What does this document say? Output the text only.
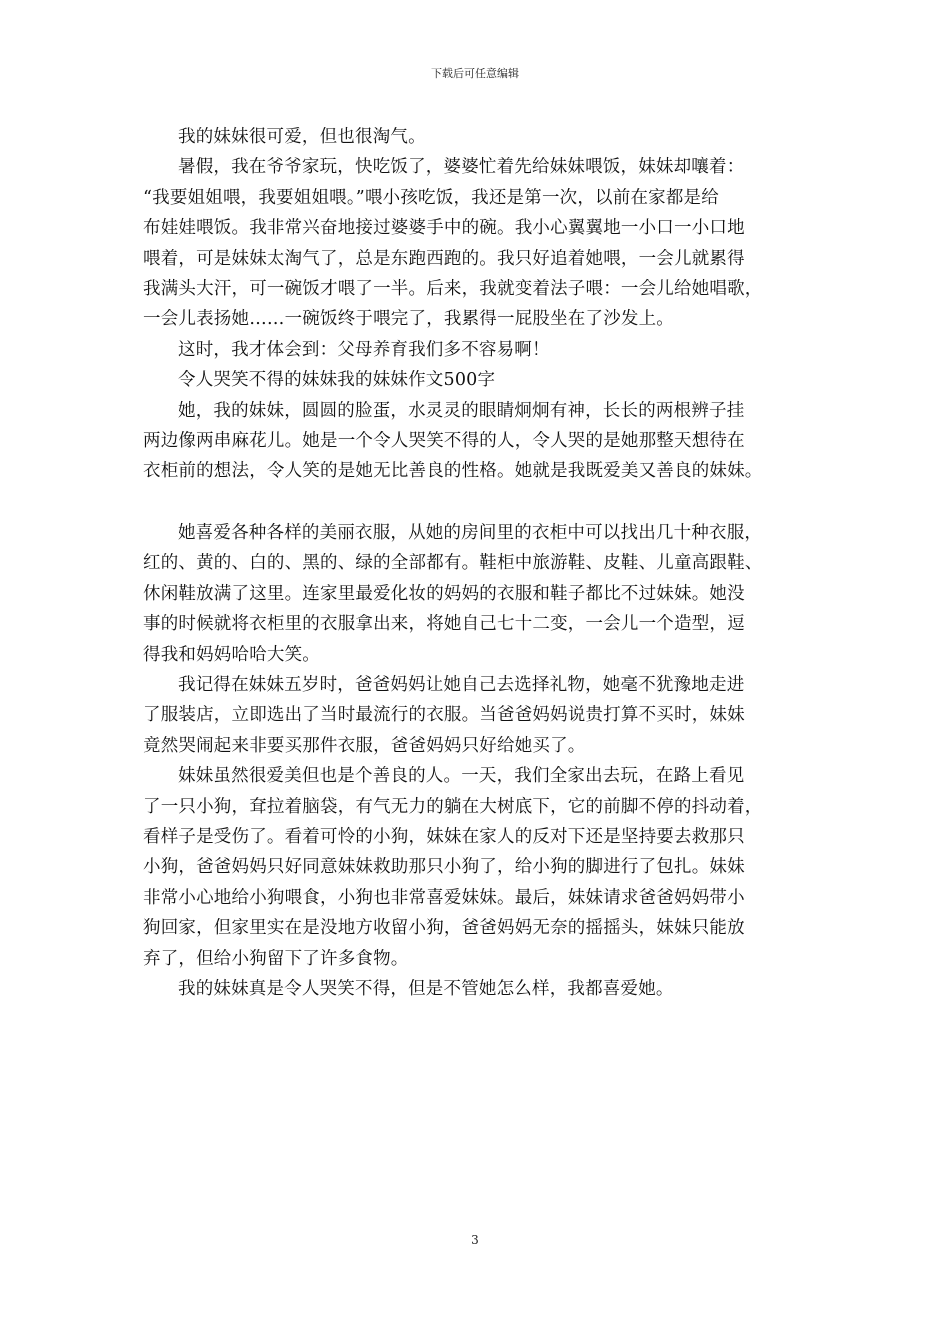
下载后可任意编辑

我的妹妹很可爱，但也很淘气。

暑假，我在爷爷家玩，快吃饭了，婆婆忙着先给妹妹喂饭，妹妹却嚷着：
“我要姐姐喂，我要姐姐喂。”喂小孩吃饭，我还是第一次，以前在家都是给
布娃娃喂饭。我非常兴奋地接过婆婆手中的碗。我小心翼翼地一小口一小口地
喂着，可是妹妹太淘气了，总是东跑西跑的。我只好追着她喂，一会儿就累得
我满头大汗，可一碗饭才喂了一半。后来，我就变着法子喂：一会儿给她唱歌，
一会儿表扬她……一碗饭终于喂完了，我累得一屁股坐在了沙发上。

这时，我才体会到：父母养育我们多不容易啊！

令人哭笑不得的妹妹我的妹妹作文500字

她，我的妹妹，圆圆的脸蛋，水灵灵的眼睛炯炯有神，长长的两根辨子挂
两边像两串麻花儿。她是一个令人哭笑不得的人，令人哭的是她那整天想待在
衣柜前的想法，令人笑的是她无比善良的性格。她就是我既爱美又善良的妹妹。

她喜爱各种各样的美丽衣服，从她的房间里的衣柜中可以找出几十种衣服，
红的、黄的、白的、黑的、绿的全部都有。鞋柜中旅游鞋、皮鞋、儿童高跟鞋、
休闲鞋放满了这里。连家里最爱化妆的妈妈的衣服和鞋子都比不过妹妹。她没
事的时候就将衣柜里的衣服拿出来，将她自己七十二变，一会儿一个造型，逗
得我和妈妈哈哈大笑。

我记得在妹妹五岁时，爸爸妈妈让她自己去选择礼物，她毫不犹豫地走进
了服装店，立即选出了当时最流行的衣服。当爸爸妈妈说贵打算不买时，妹妹
竟然哭闹起来非要买那件衣服，爸爸妈妈只好给她买了。

妹妹虽然很爱美但也是个善良的人。一天，我们全家出去玩，在路上看见
了一只小狗，耷拉着脑袋，有气无力的躺在大树底下，它的前脚不停的抖动着，
看样子是受伤了。看着可怜的小狗，妹妹在家人的反对下还是坚持要去救那只
小狗，爸爸妈妈只好同意妹妹救助那只小狗了，给小狗的脚进行了包扎。妹妹
非常小心地给小狗喂食，小狗也非常喜爱妹妹。最后，妹妹请求爸爸妈妈带小
狗回家，但家里实在是没地方收留小狗，爸爸妈妈无奈的摇摇头，妹妹只能放
弃了，但给小狗留下了许多食物。

我的妹妹真是令人哭笑不得，但是不管她怎么样，我都喜爱她。

3
